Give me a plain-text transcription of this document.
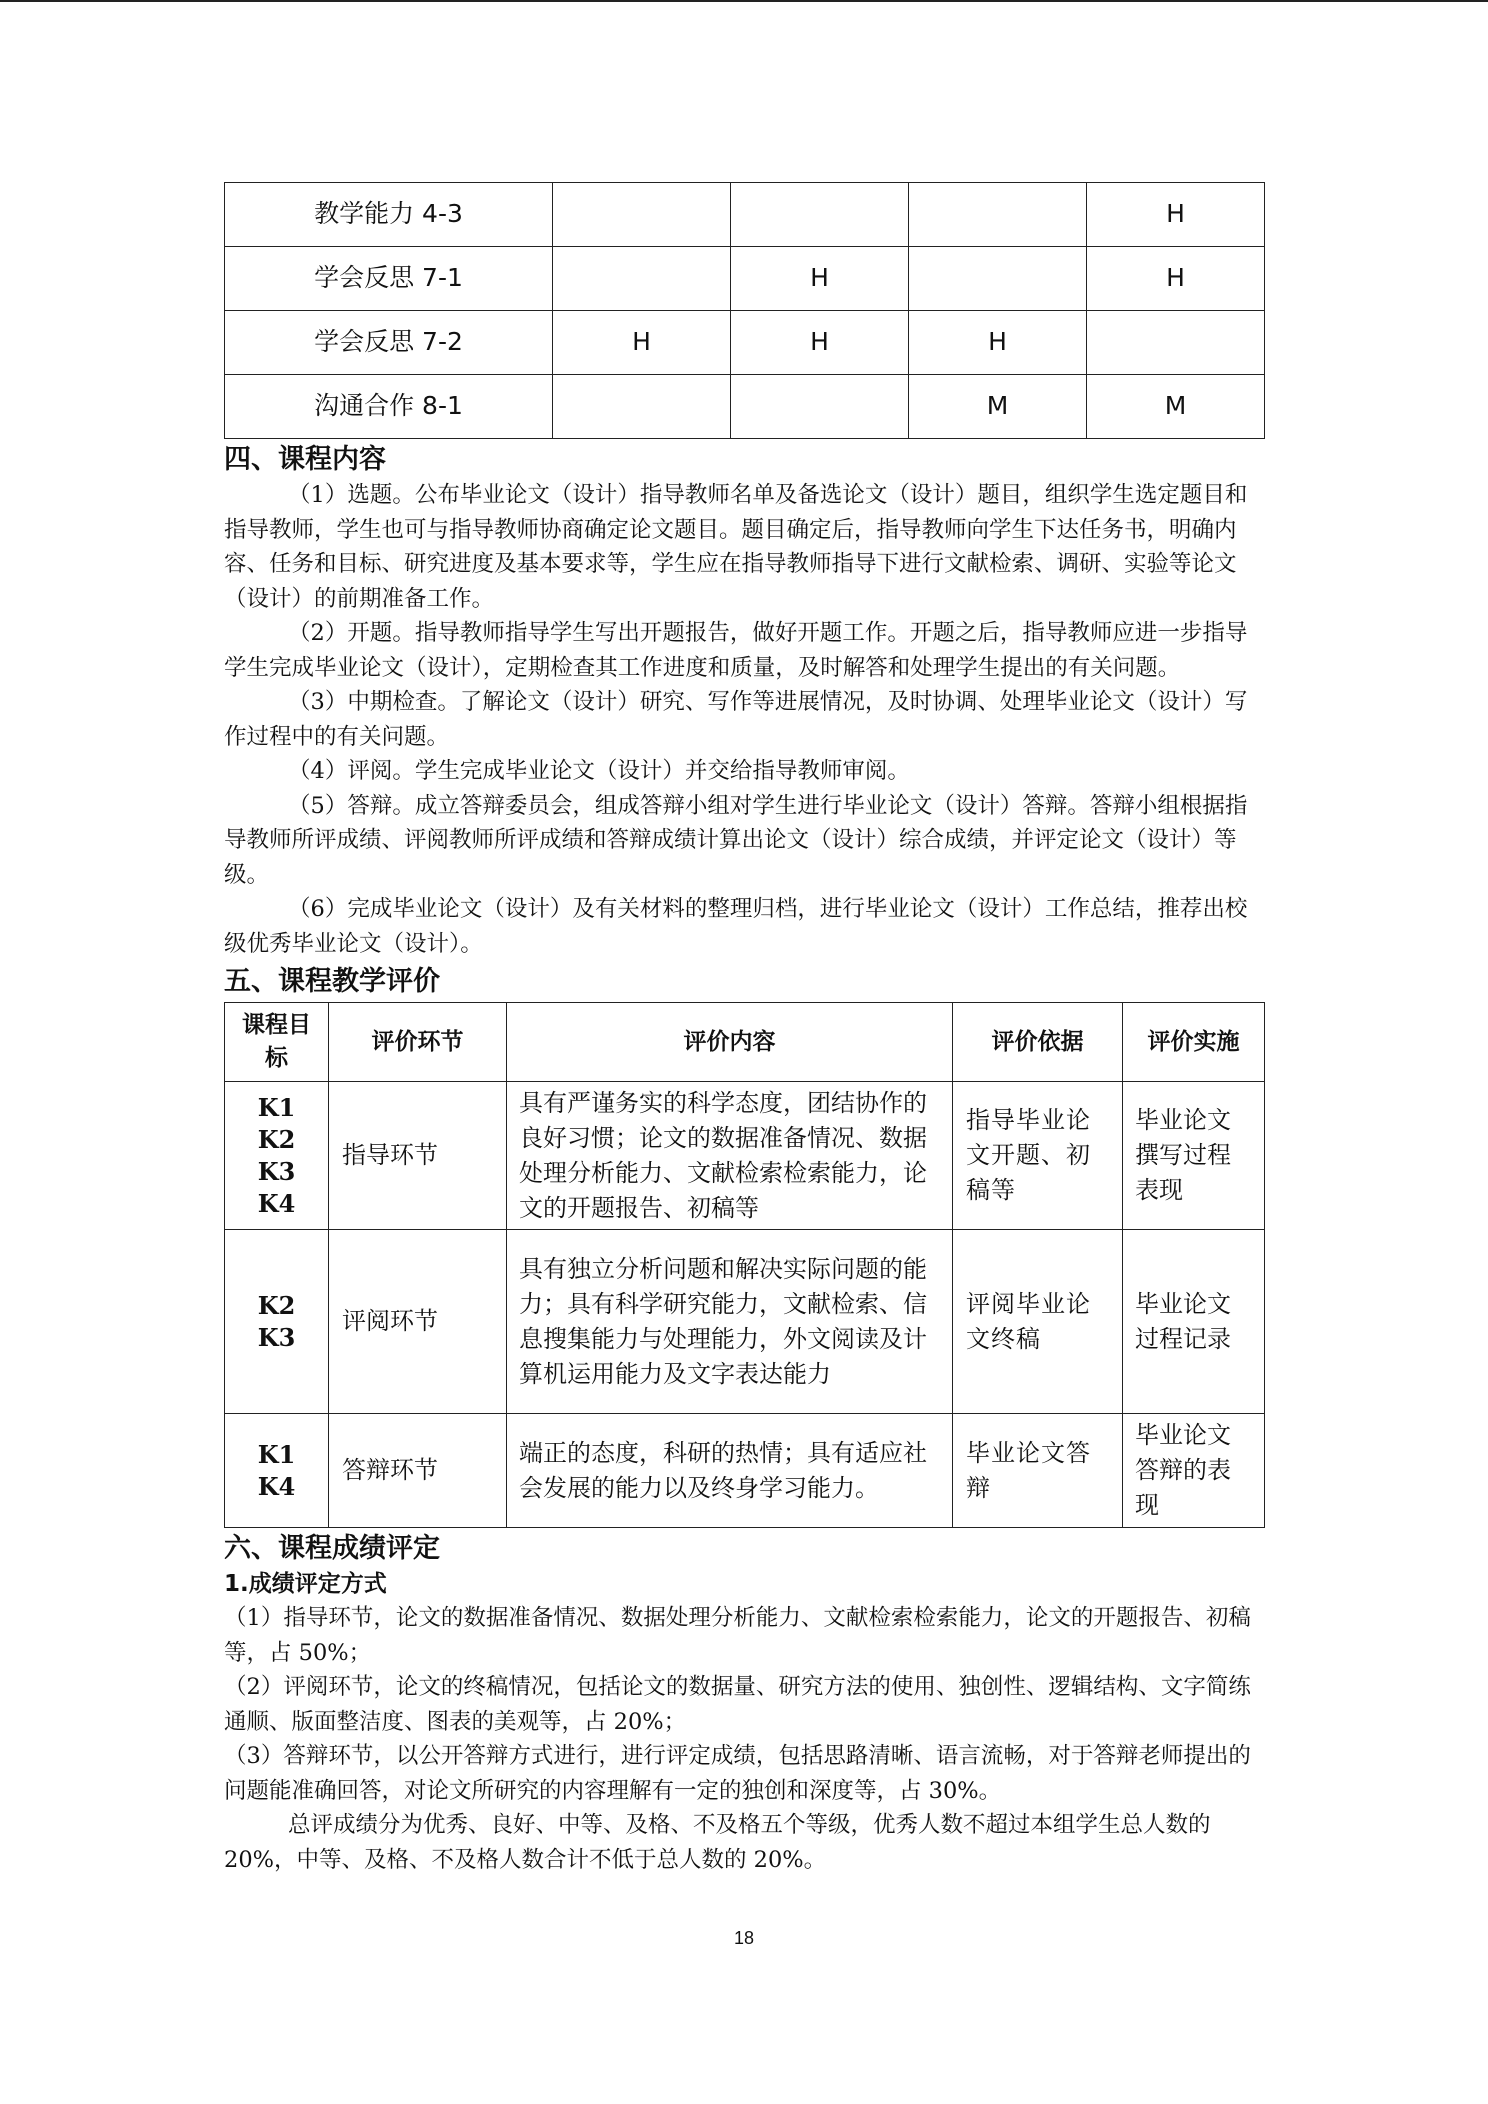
教学能力 4-3				H
学会反思 7-1		H		H
学会反思 7-2	H	H	H	
沟通合作 8-1			M	M
四、课程内容

（1）选题。公布毕业论文（设计）指导教师名单及备选论文（设计）题目，组织学生选定题目和指导教师，学生也可与指导教师协商确定论文题目。题目确定后，指导教师向学生下达任务书，明确内容、任务和目标、研究进度及基本要求等，学生应在指导教师指导下进行文献检索、调研、实验等论文（设计）的前期准备工作。

（2）开题。指导教师指导学生写出开题报告，做好开题工作。开题之后，指导教师应进一步指导学生完成毕业论文（设计），定期检查其工作进度和质量，及时解答和处理学生提出的有关问题。

（3）中期检查。了解论文（设计）研究、写作等进展情况，及时协调、处理毕业论文（设计）写作过程中的有关问题。

（4）评阅。学生完成毕业论文（设计）并交给指导教师审阅。

（5）答辩。成立答辩委员会，组成答辩小组对学生进行毕业论文（设计）答辩。答辩小组根据指导教师所评成绩、评阅教师所评成绩和答辩成绩计算出论文（设计）综合成绩，并评定论文（设计）等级。

（6）完成毕业论文（设计）及有关材料的整理归档，进行毕业论文（设计）工作总结，推荐出校级优秀毕业论文（设计）。

五、课程教学评价
课程目标	评价环节	评价内容	评价依据	评价实施

K1
K2
K3
K4	指导环节	具有严谨务实的科学态度，团结协作的良好习惯；论文的数据准备情况、数据处理分析能力、文献检索检索能力，论文的开题报告、初稿等	指导毕业论文开题、初稿等	毕业论文撰写过程表现

K2
K3	评阅环节	具有独立分析问题和解决实际问题的能力；具有科学研究能力，文献检索、信息搜集能力与处理能力，外文阅读及计算机运用能力及文字表达能力	评阅毕业论文终稿	毕业论文过程记录

K1
K4	答辩环节	端正的态度，科研的热情；具有适应社会发展的能力以及终身学习能力。	毕业论文答辩	毕业论文答辩的表现
六、课程成绩评定
1.成绩评定方式

（1）指导环节，论文的数据准备情况、数据处理分析能力、文献检索检索能力，论文的开题报告、初稿等，占 50%；

（2）评阅环节，论文的终稿情况，包括论文的数据量、研究方法的使用、独创性、逻辑结构、文字简练通顺、版面整洁度、图表的美观等，占 20%；

（3）答辩环节，以公开答辩方式进行，进行评定成绩，包括思路清晰、语言流畅，对于答辩老师提出的问题能准确回答，对论文所研究的内容理解有一定的独创和深度等，占 30%。

总评成绩分为优秀、良好、中等、及格、不及格五个等级，优秀人数不超过本组学生总人数的 20%，中等、及格、不及格人数合计不低于总人数的 20%。

18
